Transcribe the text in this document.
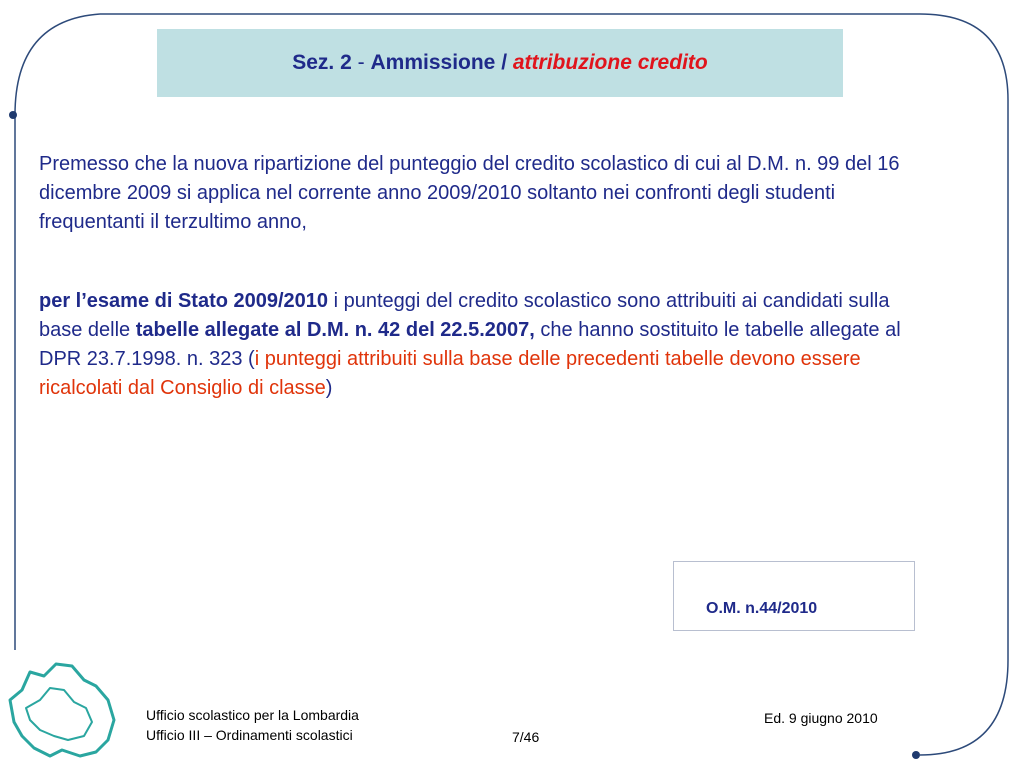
Sez. 2
-
Ammissione /
attribuzione credito
Premesso che la nuova ripartizione del punteggio del credito scolastico di cui al D.M. n. 99 del 16 dicembre 2009 si applica nel corrente anno 2009/2010 soltanto nei confronti degli studenti frequentanti il terzultimo anno,
per l’esame di Stato 2009/2010 i punteggi del credito scolastico sono attribuiti ai candidati sulla base delle tabelle allegate al D.M. n. 42 del 22.5.2007, che hanno sostituito le tabelle allegate al DPR 23.7.1998. n. 323 (i punteggi attribuiti sulla base delle precedenti tabelle devono essere ricalcolati dal Consiglio di classe)
O.M. n.44/2010
Ufficio scolastico per la Lombardia
Ufficio III – Ordinamenti scolastici	7/46
Ed. 9 giugno 2010
